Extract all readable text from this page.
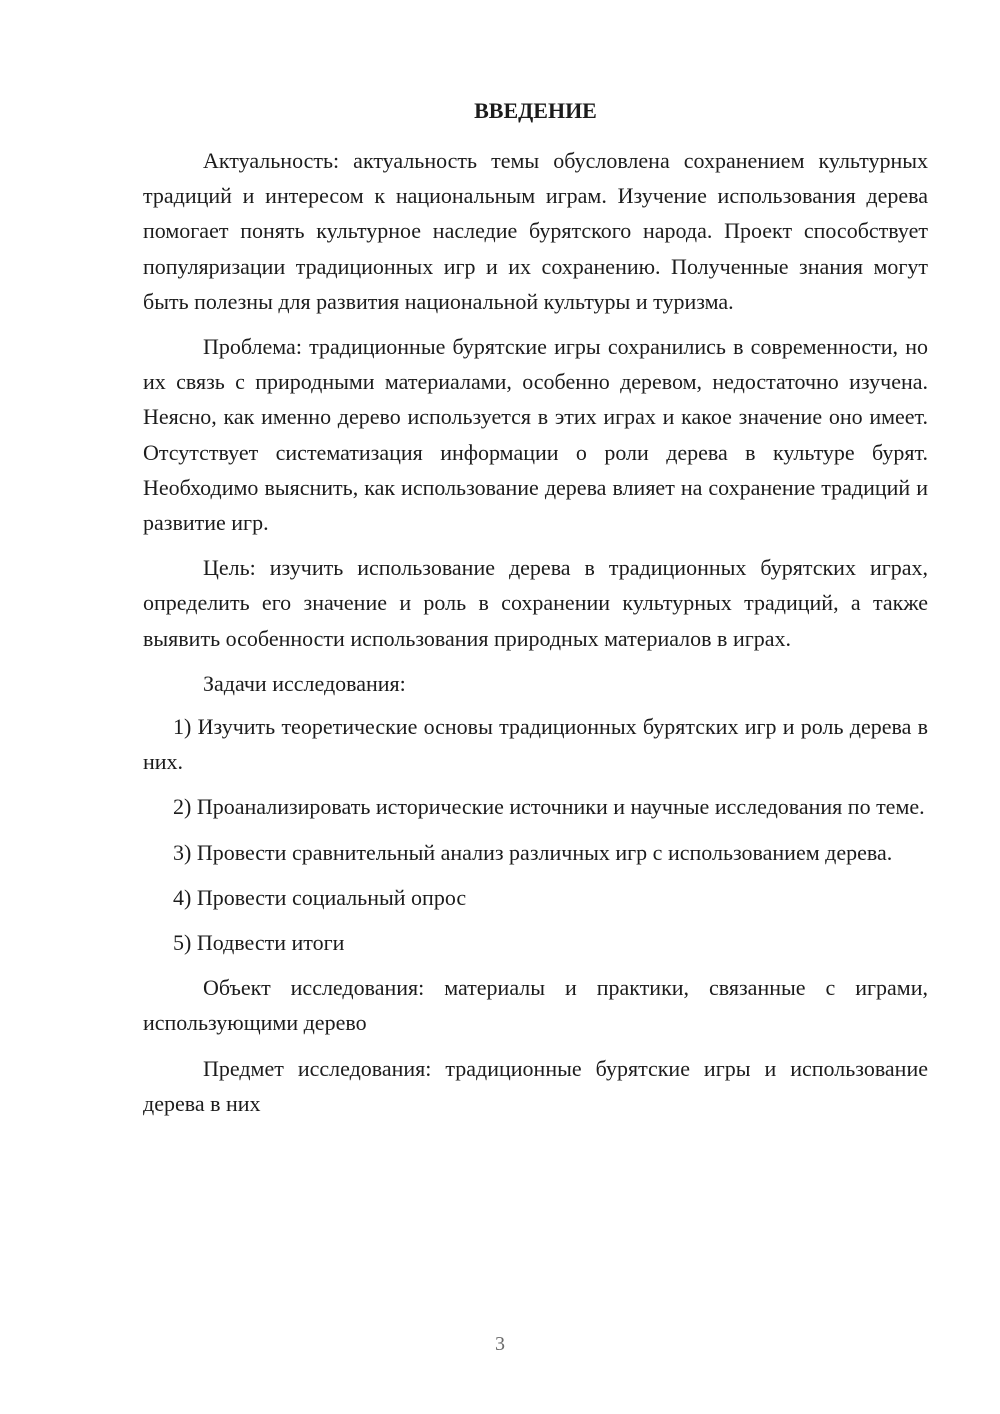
ВВЕДЕНИЕ
Актуальность: актуальность темы обусловлена сохранением культурных традиций и интересом к национальным играм. Изучение использования дерева помогает понять культурное наследие бурятского народа. Проект способствует популяризации традиционных игр и их сохранению. Полученные знания могут быть полезны для развития национальной культуры и туризма.
Проблема: традиционные бурятские игры сохранились в современности, но их связь с природными материалами, особенно деревом, недостаточно изучена. Неясно, как именно дерево используется в этих играх и какое значение оно имеет. Отсутствует систематизация информации о роли дерева в культуре бурят. Необходимо выяснить, как использование дерева влияет на сохранение традиций и развитие игр.
Цель: изучить использование дерева в традиционных бурятских играх, определить его значение и роль в сохранении культурных традиций, а также выявить особенности использования природных материалов в играх.
Задачи исследования:
1) Изучить теоретические основы традиционных бурятских игр и роль дерева в них.
2) Проанализировать исторические источники и научные исследования по теме.
3) Провести сравнительный анализ различных игр с использованием дерева.
4) Провести социальный опрос
5) Подвести итоги
Объект исследования: материалы и практики, связанные с играми, использующими дерево
Предмет исследования: традиционные бурятские игры и использование дерева в них
3
